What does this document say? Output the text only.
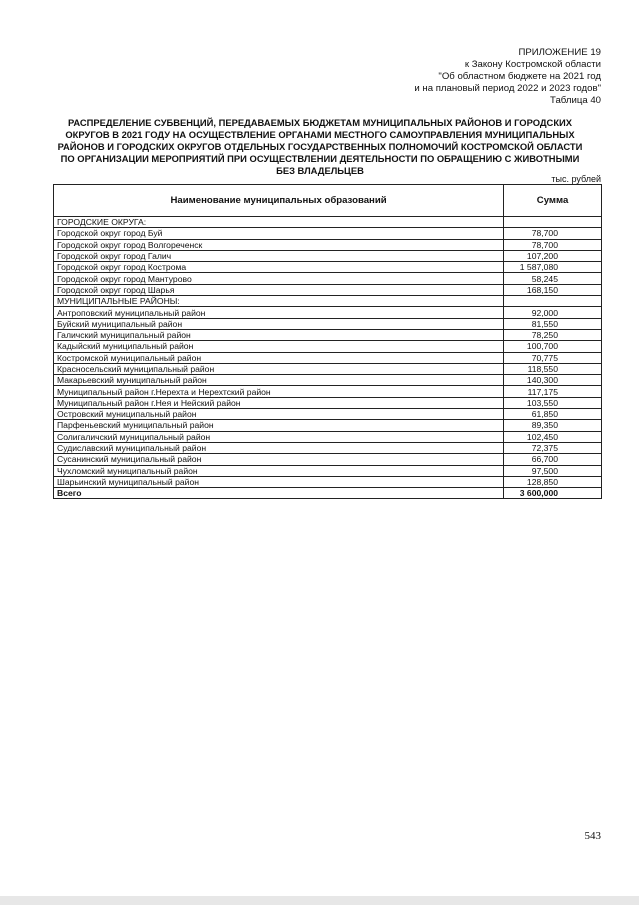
ПРИЛОЖЕНИЕ 19
к Закону Костромской области
"Об областном бюджете на 2021 год
и на плановый период 2022 и 2023 годов"
Таблица 40
РАСПРЕДЕЛЕНИЕ СУБВЕНЦИЙ, ПЕРЕДАВАЕМЫХ БЮДЖЕТАМ МУНИЦИПАЛЬНЫХ РАЙОНОВ И ГОРОДСКИХ
ОКРУГОВ В 2021 ГОДУ НА ОСУЩЕСТВЛЕНИЕ ОРГАНАМИ МЕСТНОГО САМОУПРАВЛЕНИЯ МУНИЦИПАЛЬНЫХ
РАЙОНОВ И ГОРОДСКИХ ОКРУГОВ ОТДЕЛЬНЫХ ГОСУДАРСТВЕННЫХ ПОЛНОМОЧИЙ КОСТРОМСКОЙ ОБЛАСТИ
ПО ОРГАНИЗАЦИИ МЕРОПРИЯТИЙ ПРИ ОСУЩЕСТВЛЕНИИ ДЕЯТЕЛЬНОСТИ ПО ОБРАЩЕНИЮ С ЖИВОТНЫМИ
БЕЗ ВЛАДЕЛЬЦЕВ
тыс. рублей
Наименование муниципальных образований	Сумма
ГОРОДСКИЕ ОКРУГА:	
Городской округ город Буй	78,700
Городской округ город Волгореченск	78,700
Городской округ город Галич	107,200
Городской округ город Кострома	1 587,080
Городской округ город Мантурово	58,245
Городской округ город Шарья	168,150
МУНИЦИПАЛЬНЫЕ РАЙОНЫ:	
Антроповский муниципальный район	92,000
Буйский муниципальный район	81,550
Галичский муниципальный район	78,250
Кадыйский муниципальный район	100,700
Костромской муниципальный район	70,775
Красносельский муниципальный район	118,550
Макарьевский муниципальный район	140,300
Муниципальный район г.Нерехта и Нерехтский район	117,175
Муниципальный район г.Нея и Нейский район	103,550
Островский муниципальный район	61,850
Парфеньевский муниципальный район	89,350
Солигаличский муниципальный район	102,450
Судиславский муниципальный район	72,375
Сусанинский муниципальный район	66,700
Чухломский муниципальный район	97,500
Шарьинский муниципальный район	128,850
Всего	3 600,000
543
